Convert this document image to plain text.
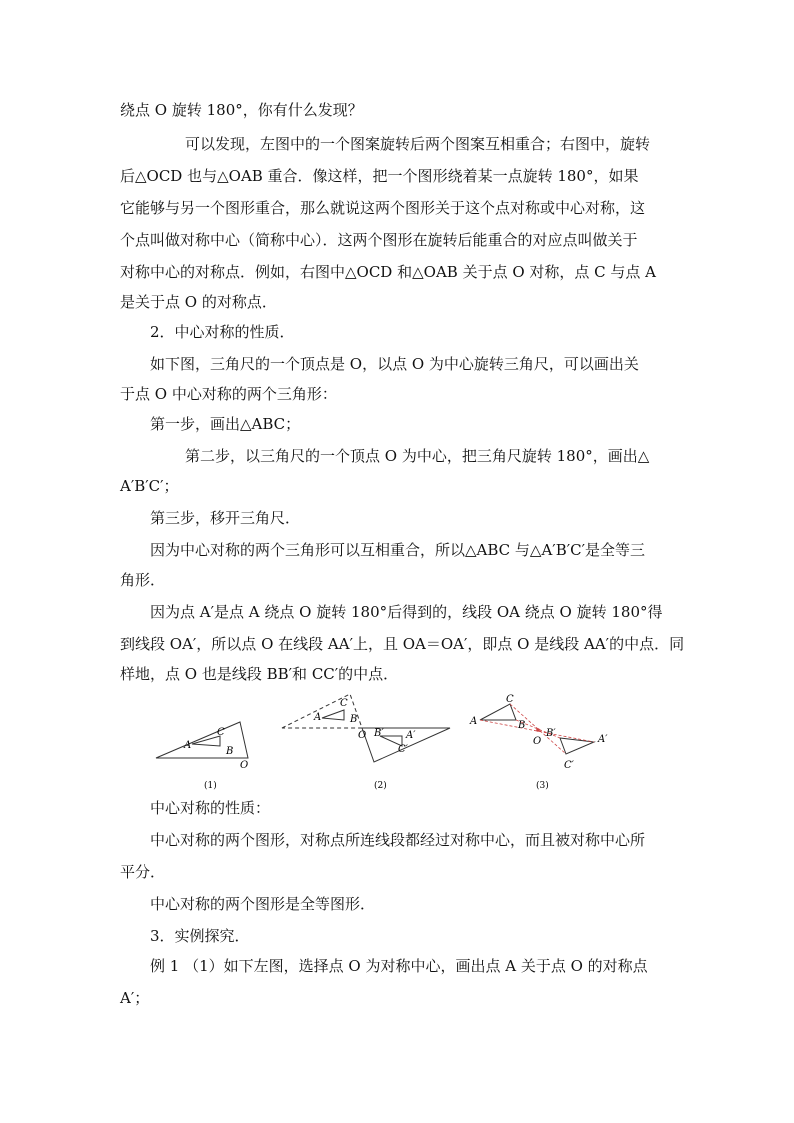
绕点 O 旋转 180°，你有什么发现？
可以发现，左图中的一个图案旋转后两个图案互相重合；右图中，旋转
后△OCD 也与△OAB 重合．像这样，把一个图形绕着某一点旋转 180°，如果
它能够与另一个图形重合，那么就说这两个图形关于这个点对称或中心对称，这
个点叫做对称中心（简称中心）．这两个图形在旋转后能重合的对应点叫做关于
对称中心的对称点．例如，右图中△OCD 和△OAB 关于点 O 对称，点 C 与点 A
是关于点 O 的对称点．
2．中心对称的性质．
如下图，三角尺的一个顶点是 O，以点 O 为中心旋转三角尺，可以画出关
于点 O 中心对称的两个三角形：
第一步，画出△ABC；
第二步，以三角尺的一个顶点 O 为中心，把三角尺旋转 180°，画出△
A′B′C′；
第三步，移开三角尺．
因为中心对称的两个三角形可以互相重合，所以△ABC 与△A′B′C′是全等三
角形．
因为点 A′是点 A 绕点 O 旋转 180°后得到的，线段 OA 绕点 O 旋转 180°得
到线段 OA′，所以点 O 在线段 AA′上，且 OA＝OA′，即点 O 是线段 AA′的中点．同
样地，点 O 也是线段 BB′和 CC′的中点．
A
C
B
O
(1)
A
C
B
O B′
C′
A′
(2)
A
C
B
O
B′
C′
A′
(3)
中心对称的性质：
中心对称的两个图形，对称点所连线段都经过对称中心，而且被对称中心所
平分．
中心对称的两个图形是全等图形．
3．实例探究．
例 1 （1）如下左图，选择点 O 为对称中心，画出点 A 关于点 O 的对称点
A′；
